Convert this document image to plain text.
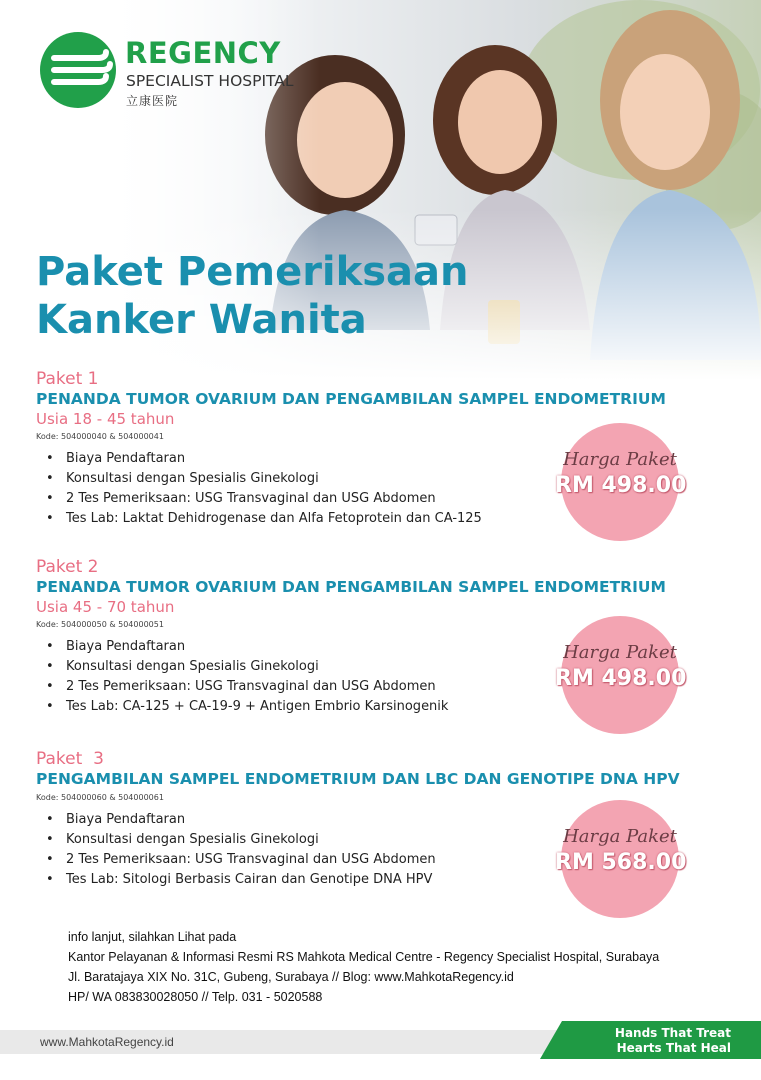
REGENCY
SPECIALIST HOSPITAL
立康医院
Paket Pemeriksaan
Kanker Wanita
Paket 1
PENANDA TUMOR OVARIUM DAN PENGAMBILAN SAMPEL ENDOMETRIUM
Usia 18 - 45 tahun
Kode: 504000040 & 504000041
• Biaya Pendaftaran
• Konsultasi dengan Spesialis Ginekologi
• 2 Tes Pemeriksaan: USG Transvaginal dan USG Abdomen
• Tes Lab: Laktat Dehidrogenase dan Alfa Fetoprotein dan CA-125
Harga Paket
RM 498.00
Paket 2
PENANDA TUMOR OVARIUM DAN PENGAMBILAN SAMPEL ENDOMETRIUM
Usia 45 - 70 tahun
Kode: 504000050 & 504000051
• Biaya Pendaftaran
• Konsultasi dengan Spesialis Ginekologi
• 2 Tes Pemeriksaan: USG Transvaginal dan USG Abdomen
• Tes Lab: CA-125 + CA-19-9 + Antigen Embrio Karsinogenik
Harga Paket
RM 498.00
Paket  3
PENGAMBILAN SAMPEL ENDOMETRIUM DAN LBC DAN GENOTIPE DNA HPV
Kode: 504000060 & 504000061
• Biaya Pendaftaran
• Konsultasi dengan Spesialis Ginekologi
• 2 Tes Pemeriksaan: USG Transvaginal dan USG Abdomen
• Tes Lab: Sitologi Berbasis Cairan dan Genotipe DNA HPV
Harga Paket
RM 568.00
info lanjut, silahkan Lihat pada
Kantor Pelayanan & Informasi Resmi RS Mahkota Medical Centre - Regency Specialist Hospital, Surabaya
Jl. Baratajaya XIX No. 31C, Gubeng, Surabaya // Blog: www.MahkotaRegency.id
HP/ WA 083830028050 // Telp. 031 - 5020588
www.MahkotaRegency.id
Hands That Treat
Hearts That Heal
